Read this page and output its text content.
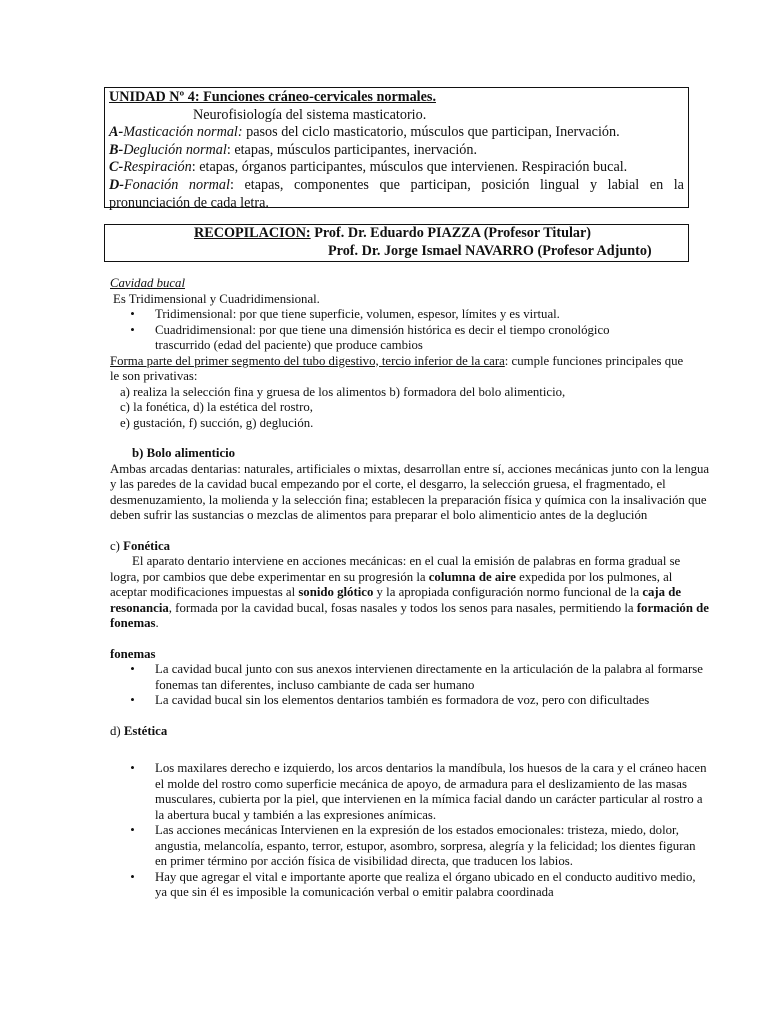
UNIDAD Nº 4: Funciones cráneo-cervicales normales.
Neurofisiología del sistema masticatorio.
A-Masticación normal: pasos del ciclo masticatorio, músculos que participan, Inervación.
B-Deglución normal: etapas, músculos participantes, inervación.
C-Respiración: etapas, órganos participantes, músculos que intervienen. Respiración bucal.
D-Fonación normal: etapas, componentes que participan, posición lingual y labial en la
pronunciación de cada letra.
RECOPILACION: Prof. Dr. Eduardo PIAZZA (Profesor Titular)
Prof. Dr. Jorge Ismael NAVARRO (Profesor Adjunto)

Cavidad bucal

Es Tridimensional y Cuadridimensional.

•	Tridimensional: por que tiene superficie, volumen, espesor, límites y es virtual.
•	Cuadridimensional: por que tiene una dimensión histórica es decir el tiempo cronológico trascurrido (edad del paciente) que produce cambios

Forma parte del primer segmento del tubo digestivo, tercio inferior de la cara: cumple funciones principales que le son privativas:

a) realiza la selección fina y gruesa de los alimentos b) formadora del bolo alimenticio,

c) la fonética, d) la estética del rostro,

e) gustación, f) succión, g) deglución.

b) Bolo alimenticio

Ambas arcadas dentarias: naturales, artificiales o mixtas, desarrollan entre sí, acciones mecánicas junto con la lengua y las paredes de la cavidad bucal empezando por el corte, el desgarro, la selección gruesa, el fragmentado, el desmenuzamiento, la molienda y la selección fina; establecen la preparación física y química con la insalivación que deben sufrir las sustancias o mezclas de alimentos para preparar el bolo alimenticio antes de la deglución

c) Fonética

El aparato dentario interviene en acciones mecánicas: en el cual la emisión de palabras en forma gradual se logra, por cambios que debe experimentar en su progresión la columna de aire expedida por los pulmones, al aceptar modificaciones impuestas al sonido glótico y la apropiada configuración normo funcional de la caja de resonancia, formada por la cavidad bucal, fosas nasales y todos los senos para nasales, permitiendo la formación de fonemas.

fonemas

•	La cavidad bucal junto con sus anexos intervienen directamente en la articulación de la palabra al formarse fonemas tan diferentes, incluso cambiante de cada ser humano
•	La cavidad bucal sin los elementos dentarios también es formadora de voz, pero con dificultades

d) Estética

•	Los maxilares derecho e izquierdo, los arcos dentarios la mandíbula, los huesos de la cara y el cráneo hacen el molde del rostro como superficie mecánica de apoyo, de armadura para el deslizamiento de las masas musculares, cubierta por la piel, que intervienen en la mímica facial dando un carácter particular al rostro a la abertura bucal y también a las expresiones anímicas.
•	Las acciones mecánicas Intervienen en la expresión de los estados emocionales: tristeza, miedo, dolor, angustia, melancolía, espanto, terror, estupor, asombro, sorpresa, alegría y la felicidad; los dientes figuran en primer término por acción física de visibilidad directa, que traducen los labios.
•	Hay que agregar el vital e importante aporte que realiza el órgano ubicado en el conducto auditivo medio, ya que sin él es imposible la comunicación verbal o emitir palabra coordinada
